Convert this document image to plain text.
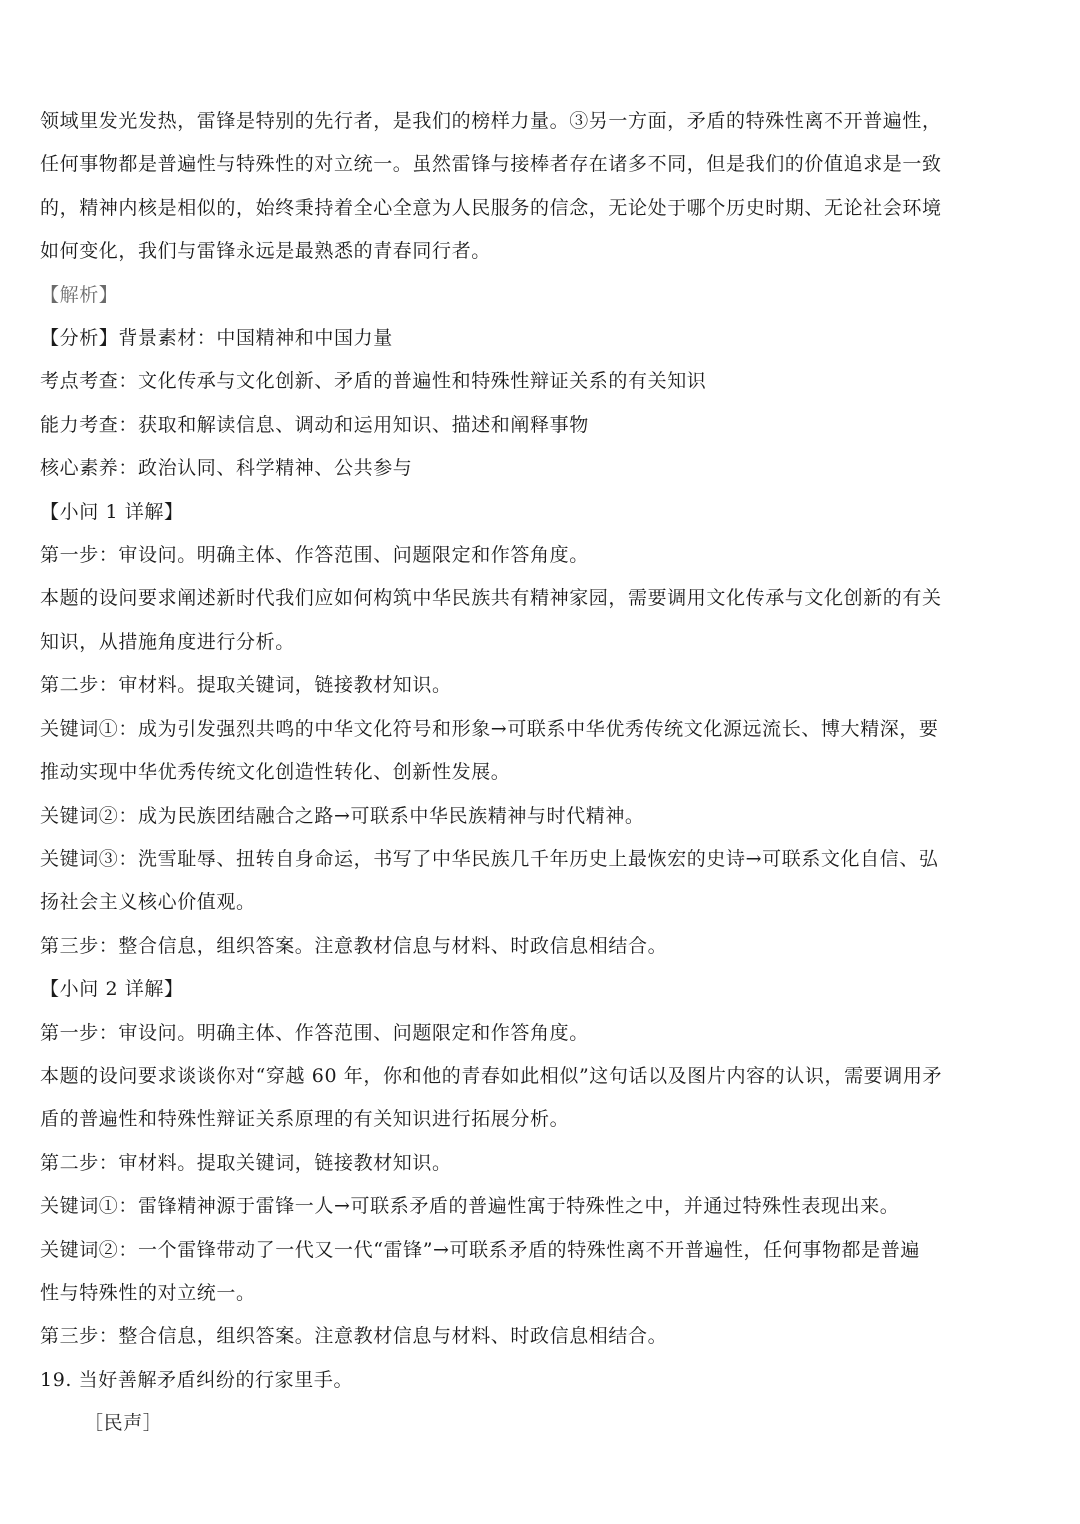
领域里发光发热，雷锋是特别的先行者，是我们的榜样力量。③另一方面，矛盾的特殊性离不开普遍性，

任何事物都是普遍性与特殊性的对立统一。虽然雷锋与接棒者存在诸多不同，但是我们的价值追求是一致

的，精神内核是相似的，始终秉持着全心全意为人民服务的信念，无论处于哪个历史时期、无论社会环境

如何变化，我们与雷锋永远是最熟悉的青春同行者。

【解析】

【分析】背景素材：中国精神和中国力量

考点考查：文化传承与文化创新、矛盾的普遍性和特殊性辩证关系的有关知识

能力考查：获取和解读信息、调动和运用知识、描述和阐释事物

核心素养：政治认同、科学精神、公共参与

【小问 1 详解】

第一步：审设问。明确主体、作答范围、问题限定和作答角度。

本题的设问要求阐述新时代我们应如何构筑中华民族共有精神家园，需要调用文化传承与文化创新的有关

知识，从措施角度进行分析。

第二步：审材料。提取关键词，链接教材知识。

关键词①：成为引发强烈共鸣的中华文化符号和形象→可联系中华优秀传统文化源远流长、博大精深，要

推动实现中华优秀传统文化创造性转化、创新性发展。

关键词②：成为民族团结融合之路→可联系中华民族精神与时代精神。

关键词③：洗雪耻辱、扭转自身命运，书写了中华民族几千年历史上最恢宏的史诗→可联系文化自信、弘

扬社会主义核心价值观。

第三步：整合信息，组织答案。注意教材信息与材料、时政信息相结合。

【小问 2 详解】

第一步：审设问。明确主体、作答范围、问题限定和作答角度。

本题的设问要求谈谈你对“穿越 60 年，你和他的青春如此相似”这句话以及图片内容的认识，需要调用矛

盾的普遍性和特殊性辩证关系原理的有关知识进行拓展分析。

第二步：审材料。提取关键词，链接教材知识。

关键词①：雷锋精神源于雷锋一人→可联系矛盾的普遍性寓于特殊性之中，并通过特殊性表现出来。

关键词②：一个雷锋带动了一代又一代“雷锋”→可联系矛盾的特殊性离不开普遍性，任何事物都是普遍

性与特殊性的对立统一。

第三步：整合信息，组织答案。注意教材信息与材料、时政信息相结合。

19. 当好善解矛盾纠纷的行家里手。

［民声］
